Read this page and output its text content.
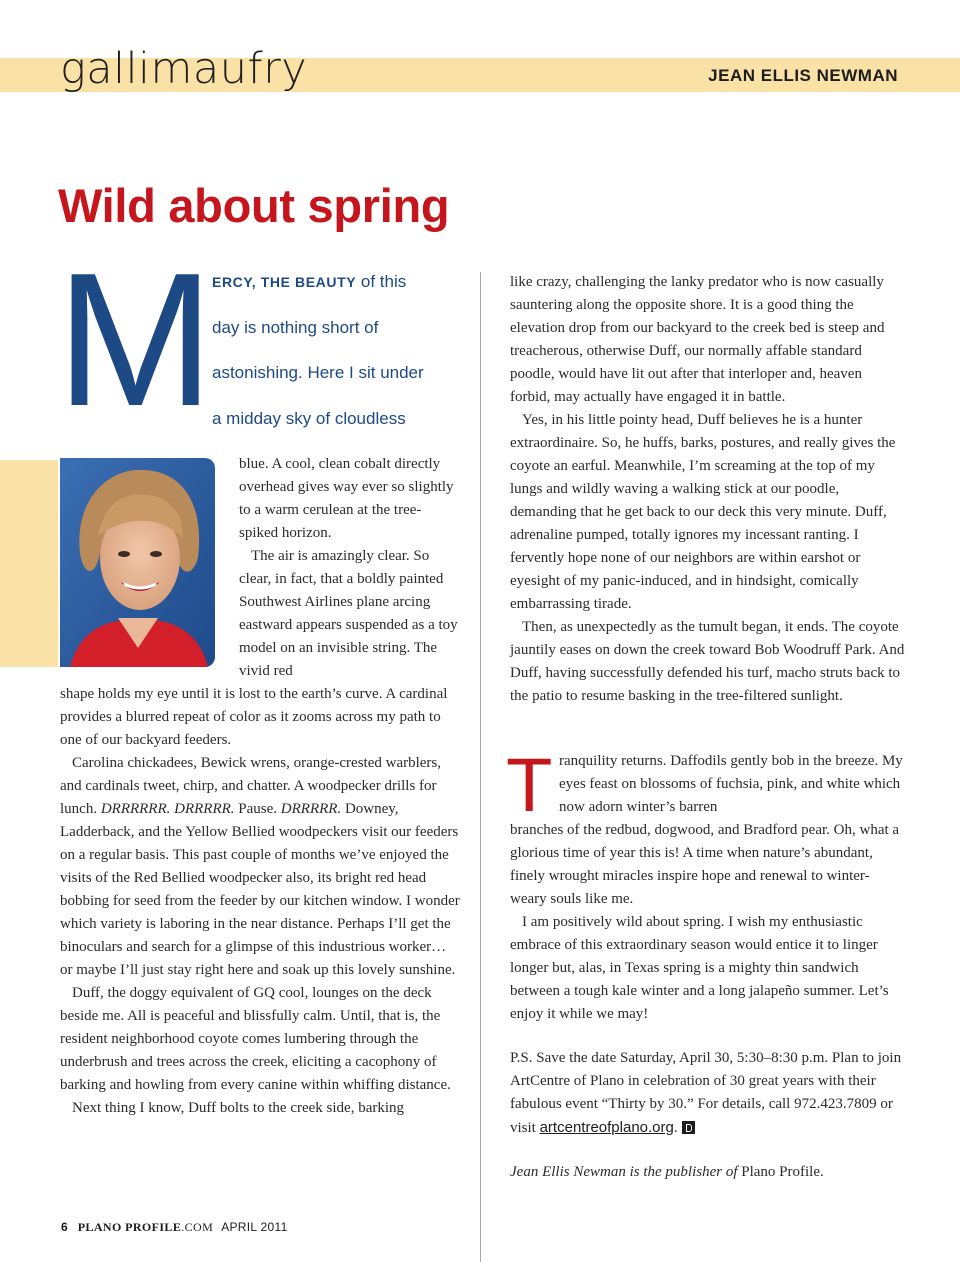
gallimaufry	JEAN ELLIS NEWMAN

Wild about spring

M

ERCY, THE BEAUTY of this
day is nothing short of
astonishing. Here I sit under
a midday sky of cloudless

blue. A cool, clean cobalt directly overhead gives way ever so slightly to a warm cerulean at the tree-spiked horizon.

The air is amazingly clear. So clear, in fact, that a boldly painted Southwest Airlines plane arcing eastward appears suspended as a toy model on an invisible string. The vivid red

shape holds my eye until it is lost to the earth’s curve. A cardinal provides a blurred repeat of color as it zooms across my path to one of our backyard feeders.

Carolina chickadees, Bewick wrens, orange-crested warblers, and cardinals tweet, chirp, and chatter. A woodpecker drills for lunch. DRRRRRR. DRRRRR. Pause. DRRRRR. Downey, Ladderback, and the Yellow Bellied woodpeckers visit our feeders on a regular basis. This past couple of months we’ve enjoyed the visits of the Red Bellied woodpecker also, its bright red head bobbing for seed from the feeder by our kitchen window. I wonder which variety is laboring in the near distance. Perhaps I’ll get the binoculars and search for a glimpse of this industrious worker… or maybe I’ll just stay right here and soak up this lovely sunshine.

Duff, the doggy equivalent of GQ cool, lounges on the deck beside me. All is peaceful and blissfully calm. Until, that is, the resident neighborhood coyote comes lumbering through the underbrush and trees across the creek, eliciting a cacophony of barking and howling from every canine within whiffing distance.

Next thing I know, Duff bolts to the creek side, barking

like crazy, challenging the lanky predator who is now casually sauntering along the opposite shore. It is a good thing the elevation drop from our backyard to the creek bed is steep and treacherous, otherwise Duff, our normally affable standard poodle, would have lit out after that interloper and, heaven forbid, may actually have engaged it in battle.

Yes, in his little pointy head, Duff believes he is a hunter extraordinaire. So, he huffs, barks, postures, and really gives the coyote an earful. Meanwhile, I’m screaming at the top of my lungs and wildly waving a walking stick at our poodle, demanding that he get back to our deck this very minute. Duff, adrenaline pumped, totally ignores my incessant ranting. I fervently hope none of our neighbors are within earshot or eyesight of my panic-induced, and in hindsight, comically embarrassing tirade.

Then, as unexpectedly as the tumult began, it ends. The coyote jauntily eases on down the creek toward Bob Woodruff Park. And Duff, having successfully defended his turf, macho struts back to the patio to resume basking in the tree-filtered sunlight.

T ranquility returns. Daffodils gently bob in the breeze. My eyes feast on blossoms of fuchsia, pink, and white which now adorn winter’s barren

branches of the redbud, dogwood, and Bradford pear. Oh, what a glorious time of year this is! A time when nature’s abundant, finely wrought miracles inspire hope and renewal to winter-weary souls like me.

I am positively wild about spring. I wish my enthusiastic embrace of this extraordinary season would entice it to linger longer but, alas, in Texas spring is a mighty thin sandwich between a tough kale winter and a long jalapeño summer. Let’s enjoy it while we may!

P.S. Save the date Saturday, April 30, 5:30–8:30 p.m. Plan to join ArtCentre of Plano in celebration of 30 great years with their fabulous event “Thirty by 30.” For details, call 972.423.7809 or visit artcentreofplano.org.

Jean Ellis Newman is the publisher of Plano Profile.

6 PLANO PROFILE.COM APRIL 2011
